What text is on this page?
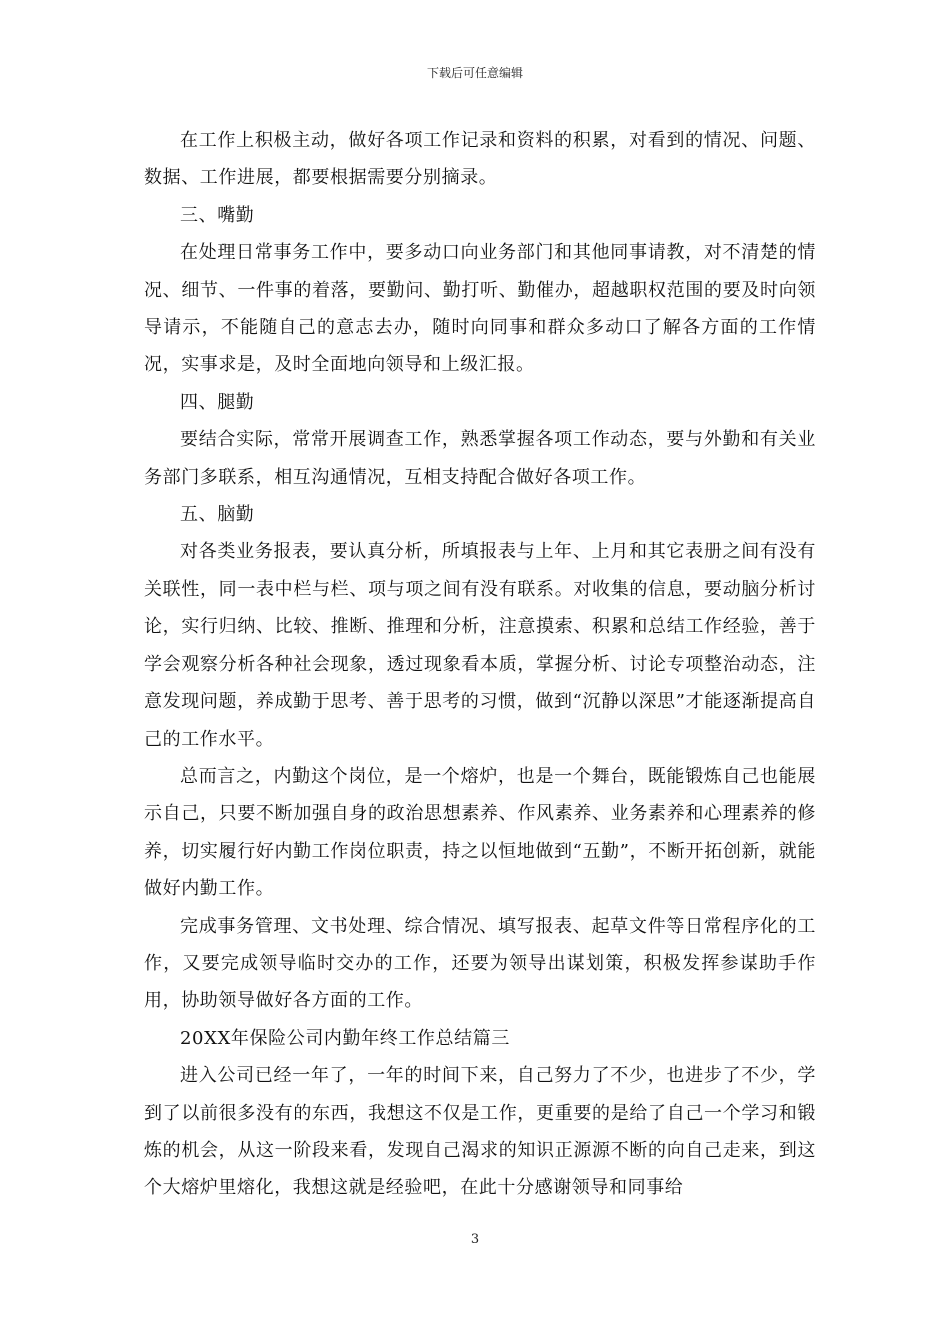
下载后可任意编辑

在工作上积极主动，做好各项工作记录和资料的积累，对看到的情况、问题、数据、工作进展，都要根据需要分别摘录。

三、嘴勤

在处理日常事务工作中，要多动口向业务部门和其他同事请教，对不清楚的情况、细节、一件事的着落，要勤问、勤打听、勤催办，超越职权范围的要及时向领导请示，不能随自己的意志去办，随时向同事和群众多动口了解各方面的工作情况，实事求是，及时全面地向领导和上级汇报。

四、腿勤

要结合实际，常常开展调查工作，熟悉掌握各项工作动态，要与外勤和有关业务部门多联系，相互沟通情况，互相支持配合做好各项工作。

五、脑勤

对各类业务报表，要认真分析，所填报表与上年、上月和其它表册之间有没有关联性，同一表中栏与栏、项与项之间有没有联系。对收集的信息，要动脑分析讨论，实行归纳、比较、推断、推理和分析，注意摸索、积累和总结工作经验，善于学会观察分析各种社会现象，透过现象看本质，掌握分析、讨论专项整治动态，注意发现问题，养成勤于思考、善于思考的习惯，做到“沉静以深思”才能逐渐提高自己的工作水平。

总而言之，内勤这个岗位，是一个熔炉，也是一个舞台，既能锻炼自己也能展示自己，只要不断加强自身的政治思想素养、作风素养、业务素养和心理素养的修养，切实履行好内勤工作岗位职责，持之以恒地做到“五勤”，不断开拓创新，就能做好内勤工作。

完成事务管理、文书处理、综合情况、填写报表、起草文件等日常程序化的工作，又要完成领导临时交办的工作，还要为领导出谋划策，积极发挥参谋助手作用，协助领导做好各方面的工作。

20XX年保险公司内勤年终工作总结篇三

进入公司已经一年了，一年的时间下来，自己努力了不少，也进步了不少，学到了以前很多没有的东西，我想这不仅是工作，更重要的是给了自己一个学习和锻炼的机会，从这一阶段来看，发现自己渴求的知识正源源不断的向自己走来，到这个大熔炉里熔化，我想这就是经验吧，在此十分感谢领导和同事给

3
